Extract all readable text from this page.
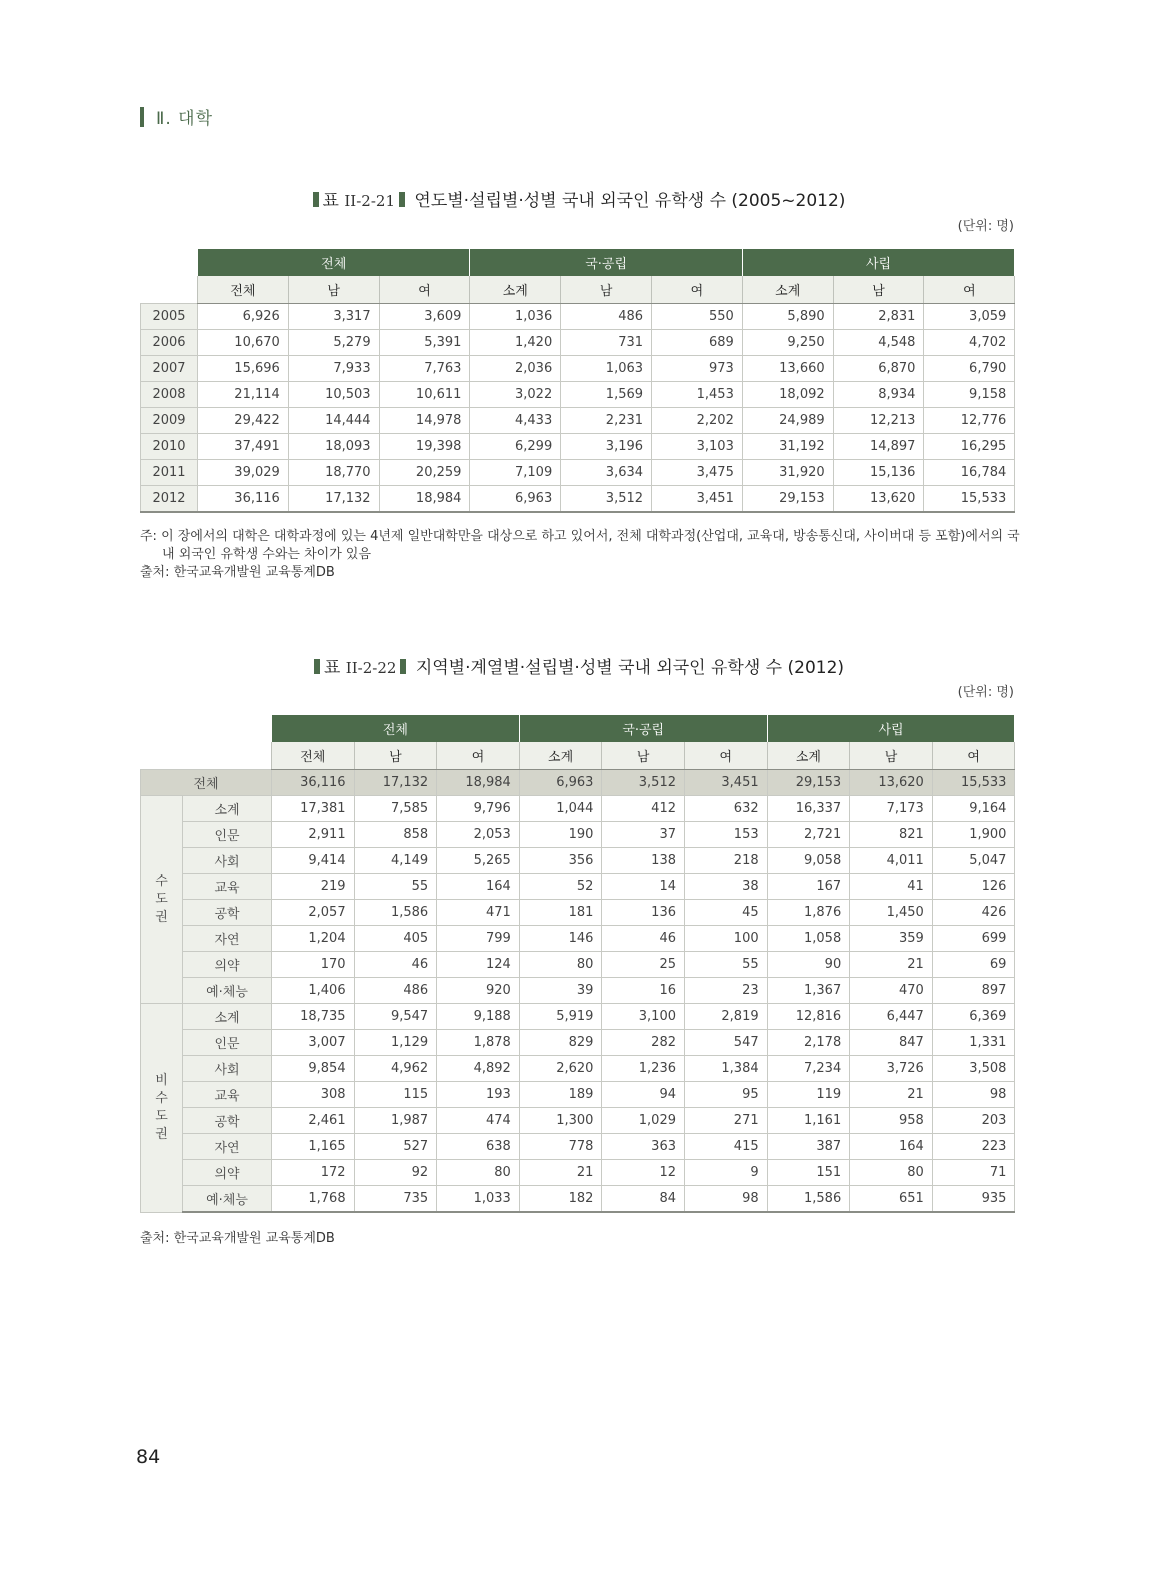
Ⅱ. 대학
표 II-2-21 연도별·설립별·성별 국내 외국인 유학생 수 (2005~2012)
(단위: 명)
	전체			국·공립			사립		
	전체	남	여	소계	남	여	소계	남	여
2005	6,926	3,317	3,609	1,036	486	550	5,890	2,831	3,059
2006	10,670	5,279	5,391	1,420	731	689	9,250	4,548	4,702
2007	15,696	7,933	7,763	2,036	1,063	973	13,660	6,870	6,790
2008	21,114	10,503	10,611	3,022	1,569	1,453	18,092	8,934	9,158
2009	29,422	14,444	14,978	4,433	2,231	2,202	24,989	12,213	12,776
2010	37,491	18,093	19,398	6,299	3,196	3,103	31,192	14,897	16,295
2011	39,029	18,770	20,259	7,109	3,634	3,475	31,920	15,136	16,784
2012	36,116	17,132	18,984	6,963	3,512	3,451	29,153	13,620	15,533
주: 이 장에서의 대학은 대학과정에 있는 4년제 일반대학만을 대상으로 하고 있어서, 전체 대학과정(산업대, 교육대, 방송통신대, 사이버대 등 포함)에서의 국
내 외국인 유학생 수와는 차이가 있음
출처: 한국교육개발원 교육통계DB
표 II-2-22 지역별·계열별·설립별·성별 국내 외국인 유학생 수 (2012)
(단위: 명)
		전체			국·공립			사립		
		전체	남	여	소계	남	여	소계	남	여
전체		36,116	17,132	18,984	6,963	3,512	3,451	29,153	13,620	15,533
수도권	소계	17,381	7,585	9,796	1,044	412	632	16,337	7,173	9,164
	인문	2,911	858	2,053	190	37	153	2,721	821	1,900
	사회	9,414	4,149	5,265	356	138	218	9,058	4,011	5,047
	교육	219	55	164	52	14	38	167	41	126
	공학	2,057	1,586	471	181	136	45	1,876	1,450	426
	자연	1,204	405	799	146	46	100	1,058	359	699
	의약	170	46	124	80	25	55	90	21	69
	예·체능	1,406	486	920	39	16	23	1,367	470	897
비수도권	소계	18,735	9,547	9,188	5,919	3,100	2,819	12,816	6,447	6,369
	인문	3,007	1,129	1,878	829	282	547	2,178	847	1,331
	사회	9,854	4,962	4,892	2,620	1,236	1,384	7,234	3,726	3,508
	교육	308	115	193	189	94	95	119	21	98
	공학	2,461	1,987	474	1,300	1,029	271	1,161	958	203
	자연	1,165	527	638	778	363	415	387	164	223
	의약	172	92	80	21	12	9	151	80	71
	예·체능	1,768	735	1,033	182	84	98	1,586	651	935
출처: 한국교육개발원 교육통계DB
84
